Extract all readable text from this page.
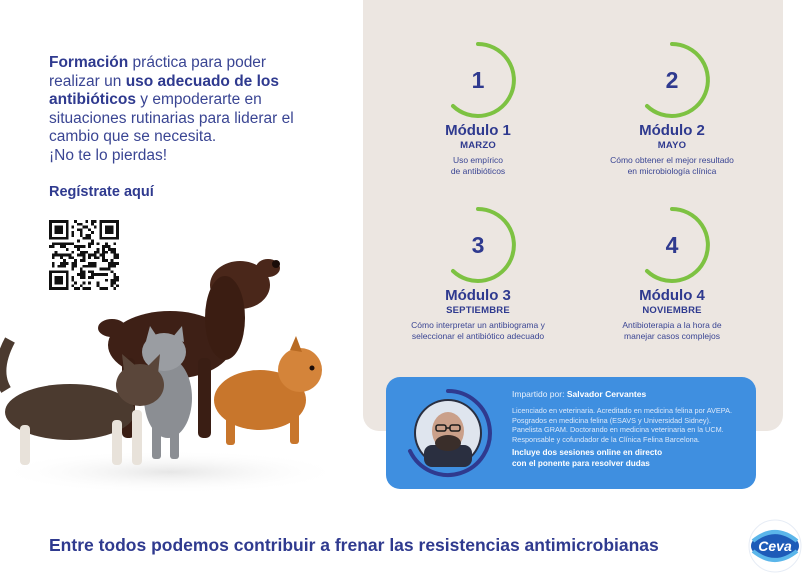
Formación práctica para poder realizar un uso adecuado de los antibióticos y empoderarte en situaciones rutinarias para liderar el cambio que se necesita.
¡No te lo pierdas!

Regístrate aquí
1
Módulo 1
MARZO
Uso empírico
de antibióticos
2
Módulo 2
MAYO
Cómo obtener el mejor resultado
en microbiología clínica
3
Módulo 3
SEPTIEMBRE
Cómo interpretar un antibiograma y
seleccionar el antibiótico adecuado
4
Módulo 4
NOVIEMBRE
Antibioterapia a la hora de
manejar casos complejos
Impartido por: Salvador Cervantes
Licenciado en veterinaria. Acreditado en medicina felina por AVEPA. Posgrados en medicina felina (ESAVS y Universidad Sidney). Panelista GRAM. Doctorando en medicina veterinaria en la UCM. Responsable y cofundador de la Clínica Felina Barcelona.
Incluye dos sesiones online en directo
con el ponente para resolver dudas
Entre todos podemos contribuir a frenar las resistencias antimicrobianas	Ceva
